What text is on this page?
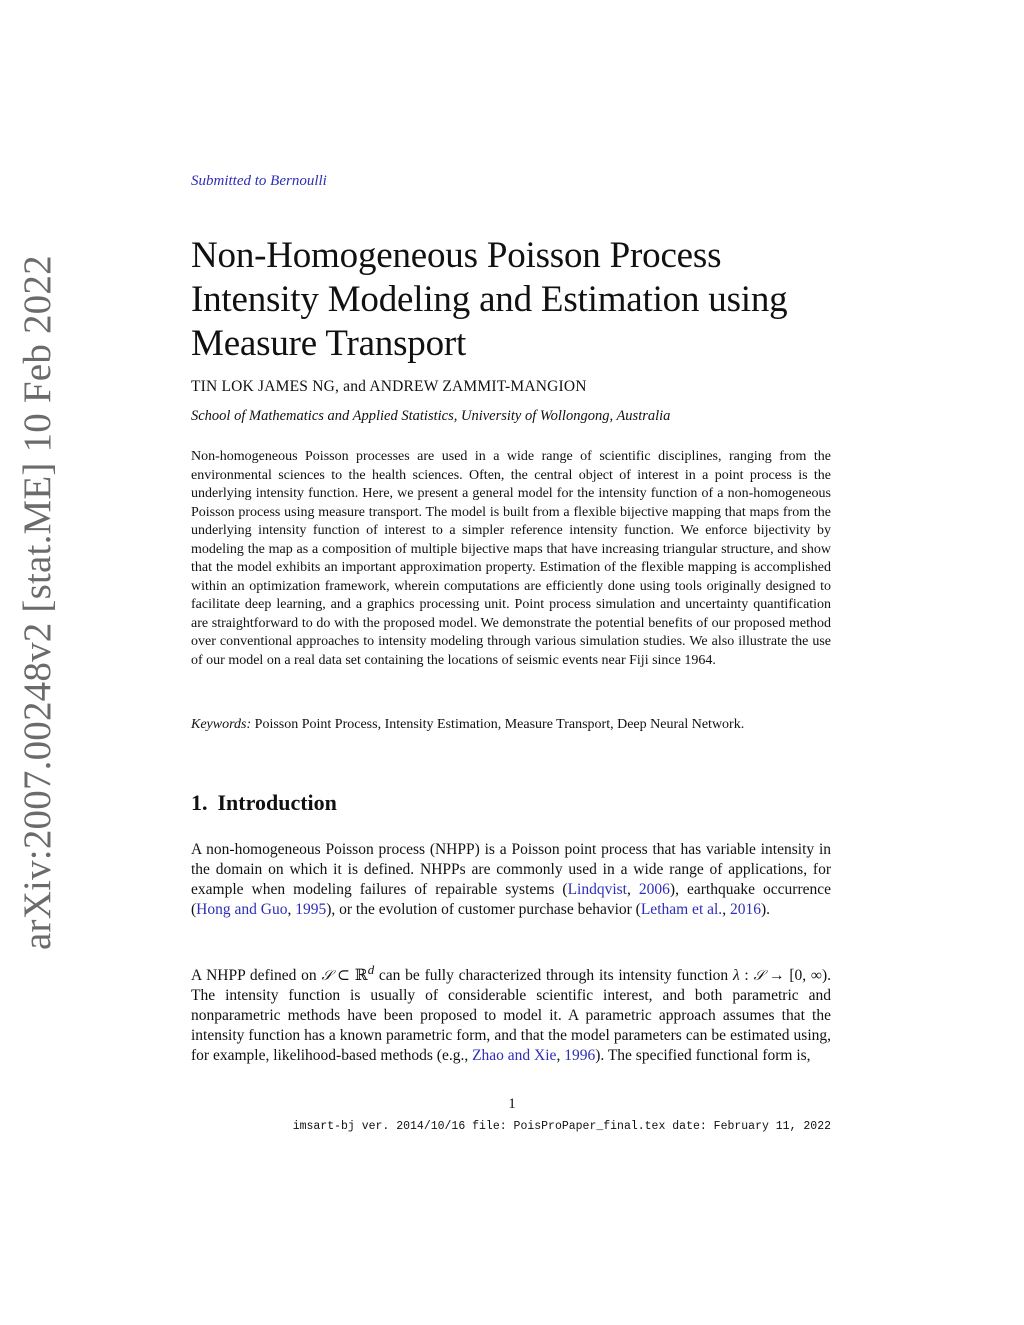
arXiv:2007.00248v2 [stat.ME] 10 Feb 2022
Submitted to Bernoulli
Non-Homogeneous Poisson Process Intensity Modeling and Estimation using Measure Transport
TIN LOK JAMES NG, and ANDREW ZAMMIT-MANGION
School of Mathematics and Applied Statistics, University of Wollongong, Australia

Non-homogeneous Poisson processes are used in a wide range of scientific disciplines, ranging from the environmental sciences to the health sciences. Often, the central object of interest in a point process is the underlying intensity function. Here, we present a general model for the intensity function of a non-homogeneous Poisson process using measure transport. The model is built from a flexible bijective mapping that maps from the underlying intensity function of interest to a simpler reference intensity function. We enforce bijectivity by modeling the map as a composition of multiple bijective maps that have increasing triangular structure, and show that the model exhibits an important approximation property. Estimation of the flexible mapping is accomplished within an optimization framework, wherein computations are efficiently done using tools originally designed to facilitate deep learning, and a graphics processing unit. Point process simulation and uncertainty quantification are straightforward to do with the proposed model. We demonstrate the potential benefits of our proposed method over conventional approaches to intensity modeling through various simulation studies. We also illustrate the use of our model on a real data set containing the locations of seismic events near Fiji since 1964.

Keywords: Poisson Point Process, Intensity Estimation, Measure Transport, Deep Neural Network.

1. Introduction

A non-homogeneous Poisson process (NHPP) is a Poisson point process that has variable intensity in the domain on which it is defined. NHPPs are commonly used in a wide range of applications, for example when modeling failures of repairable systems (Lindqvist, 2006), earthquake occurrence (Hong and Guo, 1995), or the evolution of customer purchase behavior (Letham et al., 2016).

A NHPP defined on 𝒮 ⊂ ℝ$^d$ can be fully characterized through its intensity function λ : 𝒮 → [0, ∞). The intensity function is usually of considerable scientific interest, and both parametric and nonparametric methods have been proposed to model it. A parametric approach assumes that the intensity function has a known parametric form, and that the model parameters can be estimated using, for example, likelihood-based methods (e.g., Zhao and Xie, 1996). The specified functional form is,

1
imsart-bj ver. 2014/10/16 file: PoisProPaper_final.tex date: February 11, 2022
